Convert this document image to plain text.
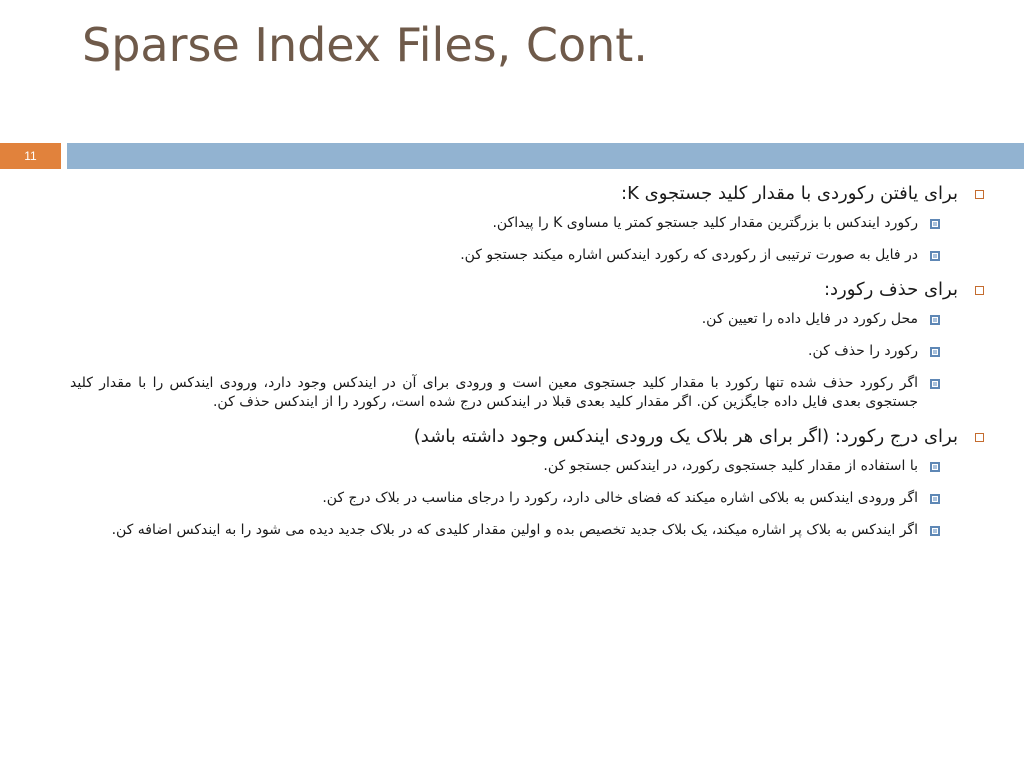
Sparse Index Files, Cont.
11
برای یافتن رکوردی با مقدار کلید جستجوی K:
رکورد ایندکس با بزرگترین مقدار کلید جستجو کمتر یا مساوی K را پیداکن.
در فایل به صورت ترتیبی از رکوردی که رکورد ایندکس اشاره میکند جستجو کن.
برای حذف رکورد:
محل رکورد در فایل داده را تعیین کن.
رکورد را حذف کن.
اگر رکورد حذف شده تنها رکورد با مقدار کلید جستجوی معین است و ورودی برای آن در ایندکس وجود دارد، ورودی ایندکس را با مقدار کلید جستجوی بعدی فایل داده جایگزین کن. اگر مقدار کلید بعدی قبلا در ایندکس درج شده است، رکورد را از ایندکس حذف کن.
برای درج رکورد: (اگر برای هر بلاک یک ورودی ایندکس وجود داشته باشد)
با استفاده از مقدار کلید جستجوی رکورد، در ایندکس جستجو کن.
اگر ورودی ایندکس به بلاکی اشاره میکند که فضای خالی دارد، رکورد را درجای مناسب در بلاک درج کن.
اگر ایندکس به بلاک پر اشاره میکند، یک بلاک جدید تخصیص بده و اولین مقدار کلیدی که در بلاک جدید دیده می شود را به ایندکس اضافه کن.
